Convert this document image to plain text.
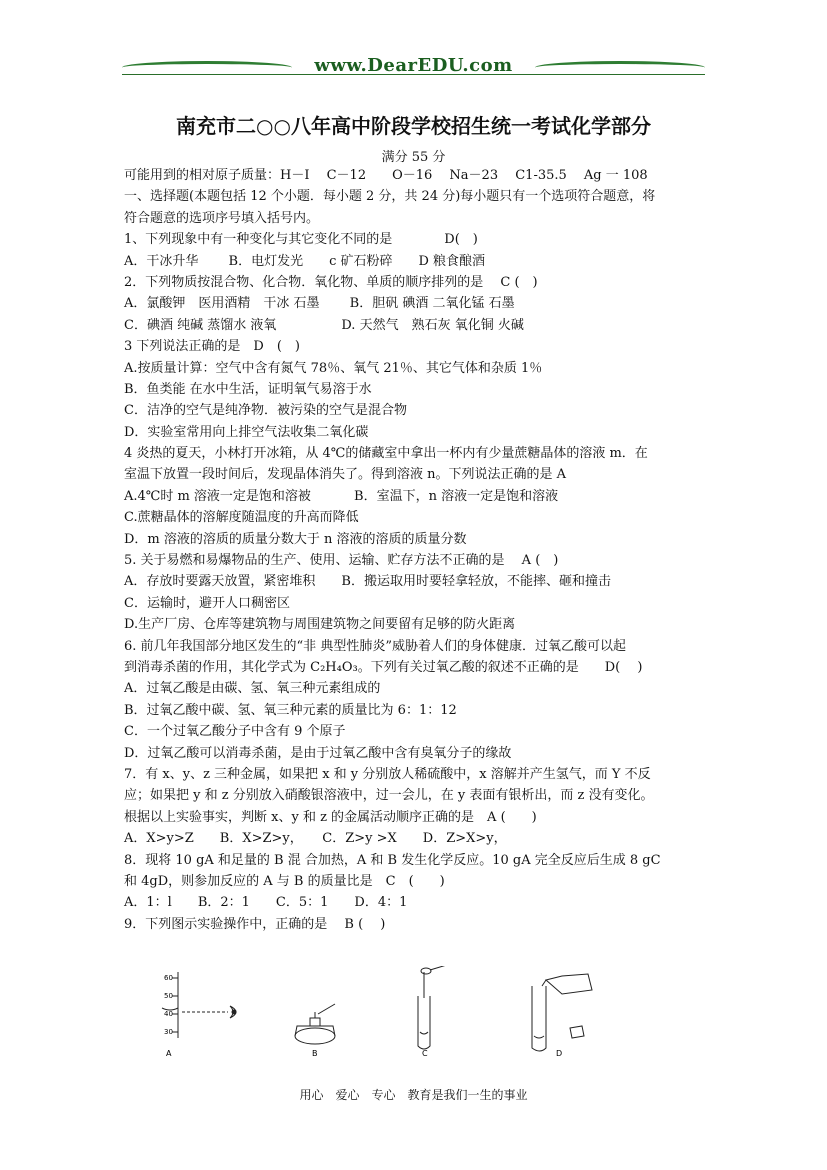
www.DearEDU.com
南充市二○○八年高中阶段学校招生统一考试化学部分
满分 55 分
可能用到的相对原子质量：H－I　 C－12　　O－16　 Na－23　 C1-35.5　 Ag 一 108
一、选择题(本题包括 12 个小题．每小题 2 分，共 24 分)每小题只有一个选项符合题意，将
符合题意的选项序号填入括号内。
1、下列现象中有一种变化与其它变化不同的是　　　　D(　)
A．干冰升华　　 B．电灯发光　　c 矿石粉碎　　D 粮食酿酒
2．下列物质按混合物、化合物．氧化物、单质的顺序排列的是　 C (　)
A．氯酸钾　医用酒精　干冰 石墨　　 B．胆矾 碘酒 二氧化锰 石墨
C．碘酒 纯碱 蒸馏水 液氧　　　　　D. 天然气　熟石灰 氧化铜 火碱
3 下列说法正确的是　D　(　)
A.按质量计算：空气中含有氮气 78％、氧气 21％、其它气体和杂质 1％
B．鱼类能 在水中生活，证明氧气易溶于水
C．洁净的空气是纯净物．被污染的空气是混合物
D．实验室常用向上排空气法收集二氧化碳
4 炎热的夏天，小林打开冰箱，从 4℃的储藏室中拿出一杯内有少量蔗糖晶体的溶液 m．在
室温下放置一段时间后，发现晶体消失了。得到溶液 n。下列说法正确的是 A
A.4℃时 m 溶液一定是饱和溶被　　　 B．室温下，n 溶液一定是饱和溶液
C.蔗糖晶体的溶解度随温度的升高而降低
D．m 溶液的溶质的质量分数大于 n 溶液的溶质的质量分数
5. 关于易燃和易爆物品的生产、使用、运输、贮存方法不正确的是　 A (　)
A．存放时要露天放置，紧密堆积　　B．搬运取用时要轻拿轻放，不能摔、砸和撞击
C．运输时，避开人口稠密区
D.生产厂房、仓库等建筑物与周围建筑物之间要留有足够的防火距离
6. 前几年我国部分地区发生的“非 典型性肺炎”威胁着人们的身体健康．过氧乙酸可以起
到消毒杀菌的作用，其化学式为 C₂H₄O₃。下列有关过氧乙酸的叙述不正确的是　　D(　 )
A．过氧乙酸是由碳、氢、氧三种元素组成的
B．过氧乙酸中碳、氢、氧三种元素的质量比为 6：1：12
C．一个过氧乙酸分子中含有 9 个原子
D．过氧乙酸可以消毒杀菌，是由于过氧乙酸中含有臭氧分子的缘故
7．有 x、y、z 三种金属，如果把 x 和 y 分别放人稀硫酸中，x 溶解并产生氢气，而 Y 不反
应；如果把 y 和 z 分别放入硝酸银溶液中，过一会儿，在 y 表面有银析出，而 z 没有变化。
根据以上实验事实，判断 x、y 和 z 的金属活动顺序正确的是　A (　　)
A．X>y>Z　　B．X>Z>y，　　C．Z>y >X　　D．Z>X>y，
8．现将 10 gA 和足量的 B 混 合加热，A 和 B 发生化学反应。10 gA 完全反应后生成 8 gC
和 4gD，则参加反应的 A 与 B 的质量比是　C　(　　)
A．1：l　　B．2：1　　C．5：1　　D．4：1
9．下列图示实验操作中，正确的是　 B (　 )
60
50
40
30
A	B	C	D
用心　爱心　专心　教育是我们一生的事业
